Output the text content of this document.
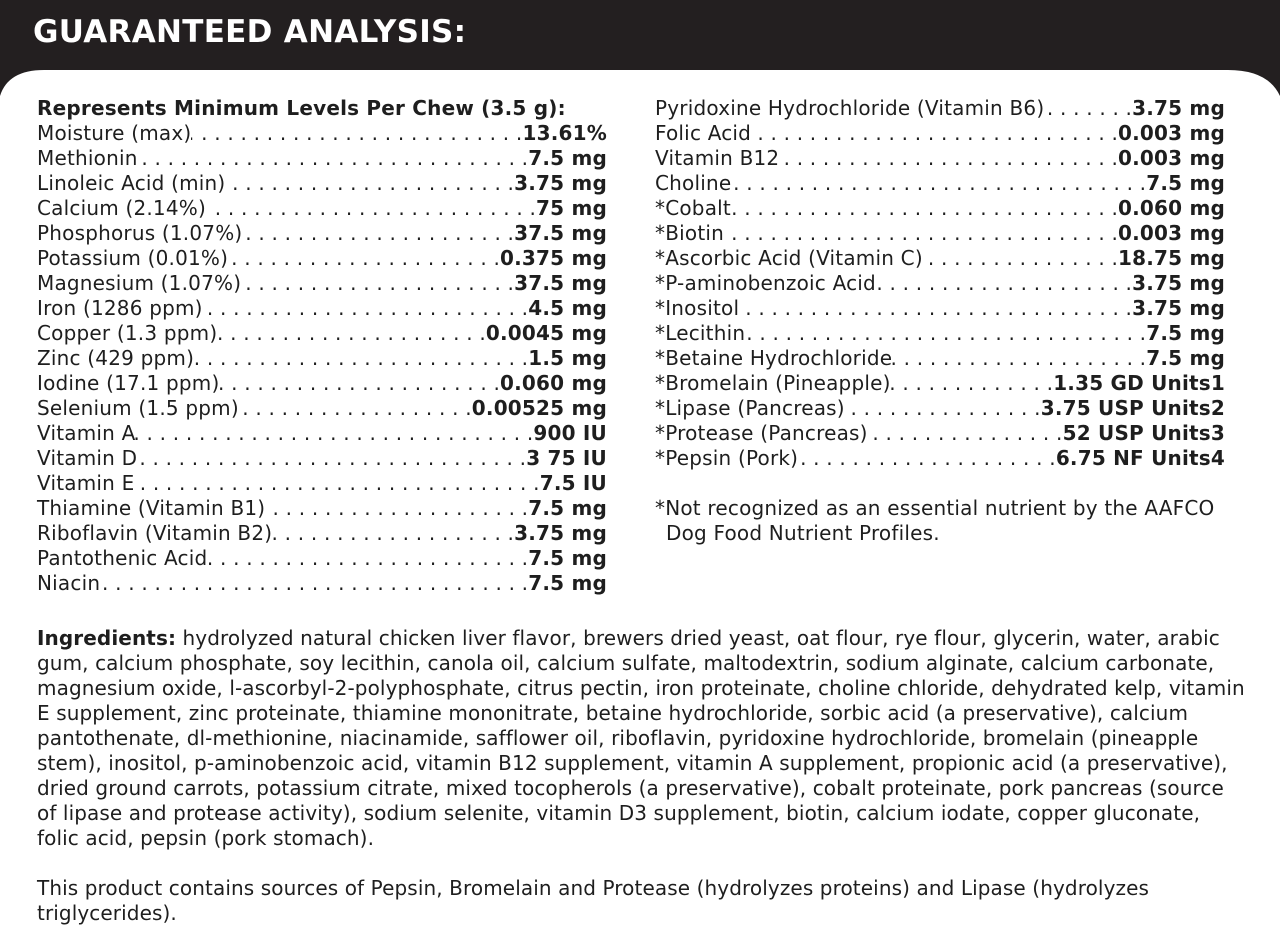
GUARANTEED ANALYSIS:
Represents Minimum Levels Per Chew (3.5 g):
Moisture (max) . . .	13.61%
Methionin . . .	7.5 mg
Linoleic Acid (min) . . .	3.75 mg
Calcium (2.14%) . . .	75 mg
Phosphorus (1.07%) . . .	37.5 mg
Potassium (0.01%) . . .	0.375 mg
Magnesium (1.07%) . . .	37.5 mg
Iron (1286 ppm) . . .	4.5 mg
Copper (1.3 ppm) . . .	0.0045 mg
Zinc (429 ppm) . . .	1.5 mg
Iodine (17.1 ppm) . . .	0.060 mg
Selenium (1.5 ppm) . . .	0.00525 mg
Vitamin A . . .	900 IU
Vitamin D . . .	3 75 IU
Vitamin E . . .	7.5 IU
Thiamine (Vitamin B1) . . .	7.5 mg
Riboflavin (Vitamin B2) . . .	3.75 mg
Pantothenic Acid . . .	7.5 mg
Niacin . . .	7.5 mg
Pyridoxine Hydrochloride (Vitamin B6) . . .	3.75 mg
Folic Acid . . .	0.003 mg
Vitamin B12 . . .	0.003 mg
Choline . . .	7.5 mg
*Cobalt . . .	0.060 mg
*Biotin . . .	0.003 mg
*Ascorbic Acid (Vitamin C) . . .	18.75 mg
*P-aminobenzoic Acid . . .	3.75 mg
*Inositol . . .	3.75 mg
*Lecithin . . .	7.5 mg
*Betaine Hydrochloride . . .	7.5 mg
*Bromelain (Pineapple) . . .	1.35 GD Units1
*Lipase (Pancreas) . . .	3.75 USP Units2
*Protease (Pancreas) . . .	52 USP Units3
*Pepsin (Pork) . . .	6.75 NF Units4
*Not recognized as an essential nutrient by the AAFCO
Dog Food Nutrient Profiles.
Ingredients: hydrolyzed natural chicken liver flavor, brewers dried yeast, oat flour, rye flour, glycerin, water, arabic gum, calcium phosphate, soy lecithin, canola oil, calcium sulfate, maltodextrin, sodium alginate, calcium carbonate, magnesium oxide, l-ascorbyl-2-polyphosphate, citrus pectin, iron proteinate, choline chloride, dehydrated kelp, vitamin E supplement, zinc proteinate, thiamine mononitrate, betaine hydrochloride, sorbic acid (a preservative), calcium pantothenate, dl-methionine, niacinamide, safflower oil, riboflavin, pyridoxine hydrochloride, bromelain (pineapple stem), inositol, p-aminobenzoic acid, vitamin B12 supplement, vitamin A supplement, propionic acid (a preservative), dried ground carrots, potassium citrate, mixed tocopherols (a preservative), cobalt proteinate, pork pancreas (source of lipase and protease activity), sodium selenite, vitamin D3 supplement, biotin, calcium iodate, copper gluconate, folic acid, pepsin (pork stomach).
This product contains sources of Pepsin, Bromelain and Protease (hydrolyzes proteins) and Lipase (hydrolyzes triglycerides).
